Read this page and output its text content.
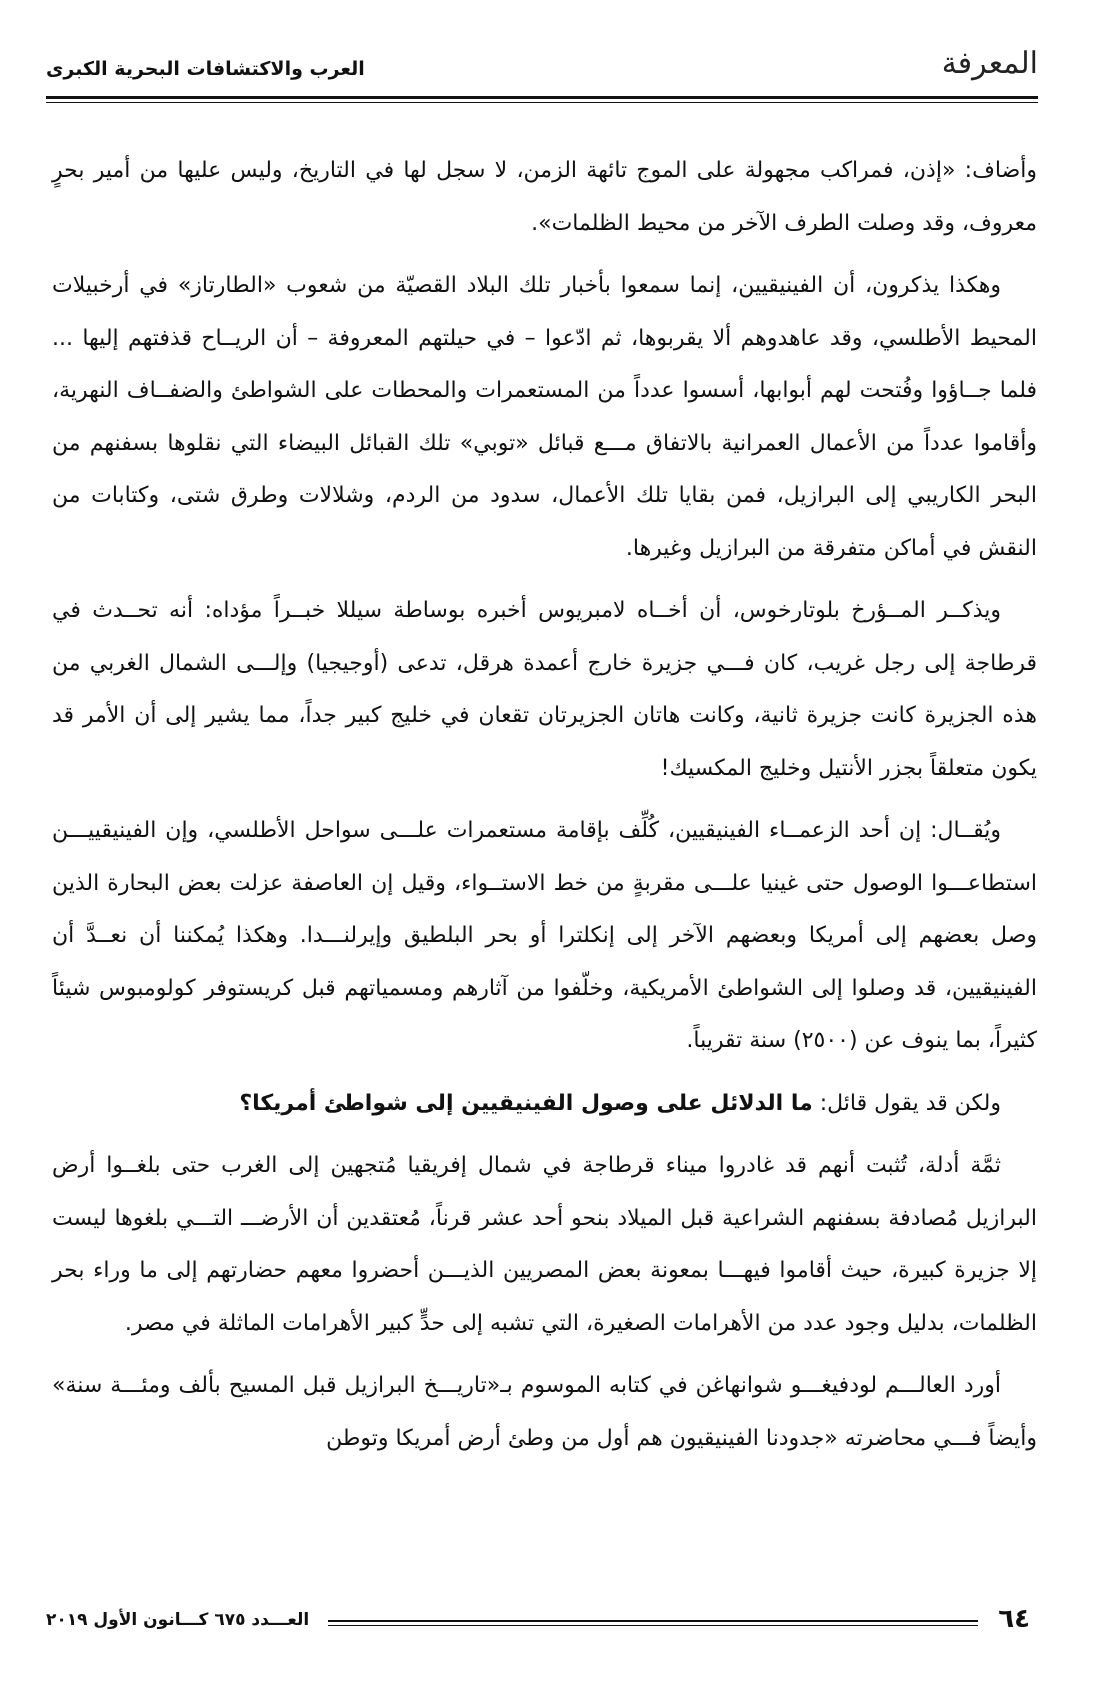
المعرفة
العرب والاكتشافات البحرية الكبرى

وأضاف: «إذن، فمراكب مجهولة على الموج تائهة الزمن، لا سجل لها في التاريخ، وليس عليها من أمير بحرٍ معروف، وقد وصلت الطرف الآخر من محيط الظلمات».

وهكذا يذكرون، أن الفينيقيين، إنما سمعوا بأخبار تلك البلاد القصيّة من شعوب «الطارتاز» في أرخبيلات المحيط الأطلسي، وقد عاهدوهم ألا يقربوها، ثم ادّعوا – في حيلتهم المعروفة – أن الريــاح قذفتهم إليها ... فلما جــاؤوا وفُتحت لهم أبوابها، أسسوا عدداً من المستعمرات والمحطات على الشواطئ والضفــاف النهرية، وأقاموا عدداً من الأعمال العمرانية بالاتفاق مـــع قبائل «توبي» تلك القبائل البيضاء التي نقلوها بسفنهم من البحر الكاريبي إلى البرازيل، فمن بقايا تلك الأعمال، سدود من الردم، وشلالات وطرق شتى، وكتابات من النقش في أماكن متفرقة من البرازيل وغيرها.

ويذكــر المــؤرخ بلوتارخوس، أن أخــاه لامبريوس أخبره بوساطة سيللا خبــراً مؤداه: أنه تحــدث في قرطاجة إلى رجل غريب، كان فـــي جزيرة خارج أعمدة هرقل، تدعى (أوجيجيا) وإلـــى الشمال الغربي من هذه الجزيرة كانت جزيرة ثانية، وكانت هاتان الجزيرتان تقعان في خليج كبير جداً، مما يشير إلى أن الأمر قد يكون متعلقاً بجزر الأنتيل وخليج المكسيك!

ويُقــال: إن أحد الزعمــاء الفينيقيين، كُلِّف بإقامة مستعمرات علـــى سواحل الأطلسي، وإن الفينيقييـــن استطاعـــوا الوصول حتى غينيا علـــى مقربةٍ من خط الاستــواء، وقيل إن العاصفة عزلت بعض البحارة الذين وصل بعضهم إلى أمريكا وبعضهم الآخر إلى إنكلترا أو بحر البلطيق وإيرلنـــدا. وهكذا يُمكننا أن نعــدَّ أن الفينيقيين، قد وصلوا إلى الشواطئ الأمريكية، وخلّفوا من آثارهم ومسمياتهم قبل كريستوفر كولومبوس شيئاً كثيراً، بما ينوف عن (٢٥٠٠) سنة تقريباً.

ولكن قد يقول قائل: ما الدلائل على وصول الفينيقيين إلى شواطئ أمريكا؟

ثمَّة أدلة، تُثبت أنهم قد غادروا ميناء قرطاجة في شمال إفريقيا مُتجهين إلى الغرب حتى بلغــوا أرض البرازيل مُصادفة بسفنهم الشراعية قبل الميلاد بنحو أحد عشر قرناً، مُعتقدين أن الأرضـــ التـــي بلغوها ليست إلا جزيرة كبيرة، حيث أقاموا فيهـــا بمعونة بعض المصريين الذيـــن أحضروا معهم حضارتهم إلى ما وراء بحر الظلمات، بدليل وجود عدد من الأهرامات الصغيرة، التي تشبه إلى حدٍّ كبير الأهرامات الماثلة في مصر.

أورد العالـــم لودفيغـــو شوانهاغن في كتابه الموسوم بـ«تاريـــخ البرازيل قبل المسيح بألف ومئـــة سنة» وأيضاً فـــي محاضرته «جدودنا الفينيقيون هم أول من وطئ أرض أمريكا وتوطن

٦٤
العـــدد ٦٧٥ كـــانون الأول ٢٠١٩
